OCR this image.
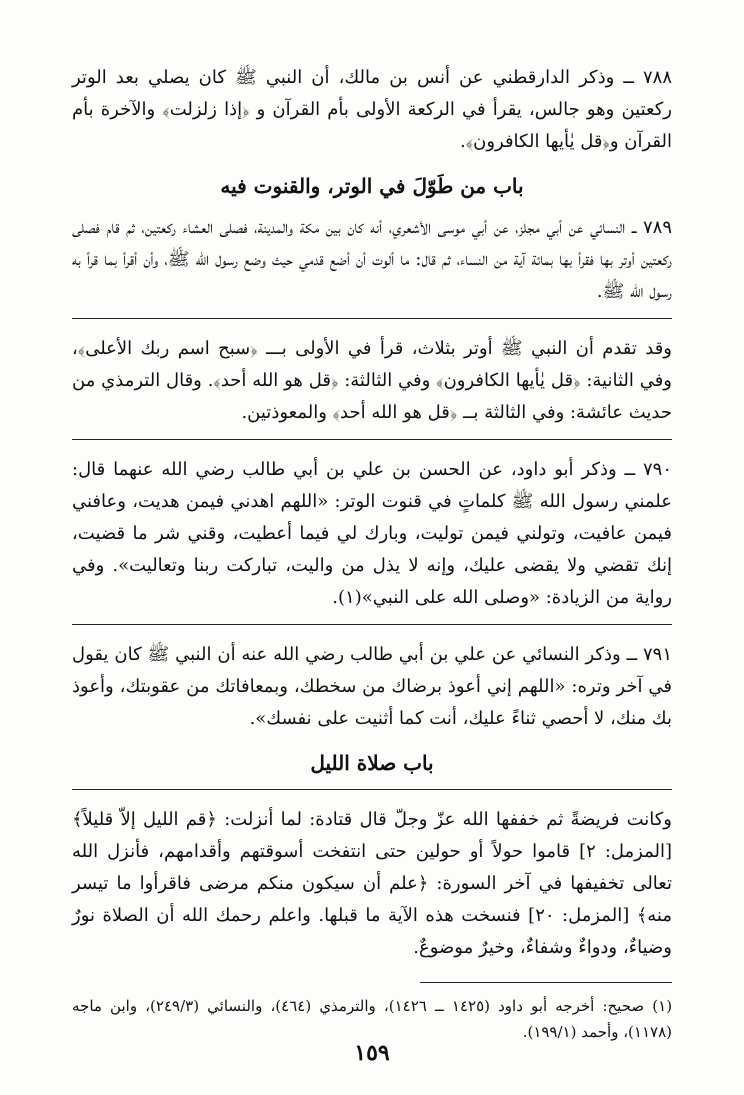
٧٨٨ ــ وذكر الدارقطني عن أنس بن مالك، أن النبي ﷺ كان يصلي بعد الوتر ركعتين وهو جالس، يقرأ في الركعة الأولى بأم القرآن و ﴿إذا زلزلت﴾ والآخرة بأم القرآن و﴿قل يٰأيها الكافرون﴾.

باب من طَوّلَ في الوتر، والقنوت فيه

٧٨٩ ــ النسائي عن أبي مجلز، عن أبي موسى الأشعري، أنه كان بين مكة والمدينة، فصلى العشاء ركعتين، ثم قام فصلى ركعتين أوتر بها فقرأ بها بمائة آية من النساء، ثم قال: ما ألوت أن أضع قدمي حيث وضع رسول الله ﷺ، وأن أقرأ بما قرأ به رسول الله ﷺ.

وقد تقدم أن النبي ﷺ أوتر بثلاث، قرأ في الأولى بـــ ﴿سبح اسم ربك الأعلى﴾، وفي الثانية: ﴿قل يٰأيها الكافرون﴾ وفي الثالثة: ﴿قل هو الله أحد﴾. وقال الترمذي من حديث عائشة: وفي الثالثة بــ ﴿قل هو الله أحد﴾ والمعوذتين.

٧٩٠ ــ وذكر أبو داود، عن الحسن بن علي بن أبي طالب رضي الله عنهما قال: علمني رسول الله ﷺ كلماتٍ في قنوت الوتر: «اللهم اهدني فيمن هديت، وعافني فيمن عافيت، وتولني فيمن توليت، وبارك لي فيما أعطيت، وقني شر ما قضيت، إنك تقضي ولا يقضى عليك، وإنه لا يذل من واليت، تباركت ربنا وتعاليت». وفي رواية من الزيادة: «وصلى الله على النبي»(١).

٧٩١ ــ وذكر النسائي عن علي بن أبي طالب رضي الله عنه أن النبي ﷺ كان يقول في آخر وتره: «اللهم إني أعوذ برضاك من سخطك، وبمعافاتك من عقوبتك، وأعوذ بك منك، لا أحصي ثناءً عليك، أنت كما أثنيت على نفسك».

باب صلاة الليل

وكانت فريضةً ثم خففها الله عزّ وجلّ قال قتادة: لما أنزلت: ﴿قم الليل إلاّ قليلاً﴾ [المزمل: ٢] قاموا حولاً أو حولين حتى انتفخت أسوقتهم وأقدامهم، فأنزل الله تعالى تخفيفها في آخر السورة: ﴿علم أن سيكون منكم مرضى فاقرأوا ما تيسر منه﴾ [المزمل: ٢٠] فنسخت هذه الآية ما قبلها. واعلم رحمك الله أن الصلاة نورٌ وضياءٌ، ودواءٌ وشفاءٌ، وخيرٌ موضوعٌ.

(١) صحيح: أخرجه أبو داود (١٤٢٥ ــ ١٤٢٦)، والترمذي (٤٦٤)، والنسائي (٢٤٩/٣)، وابن ماجه (١١٧٨)، وأحمد (١٩٩/١).

١٥٩
